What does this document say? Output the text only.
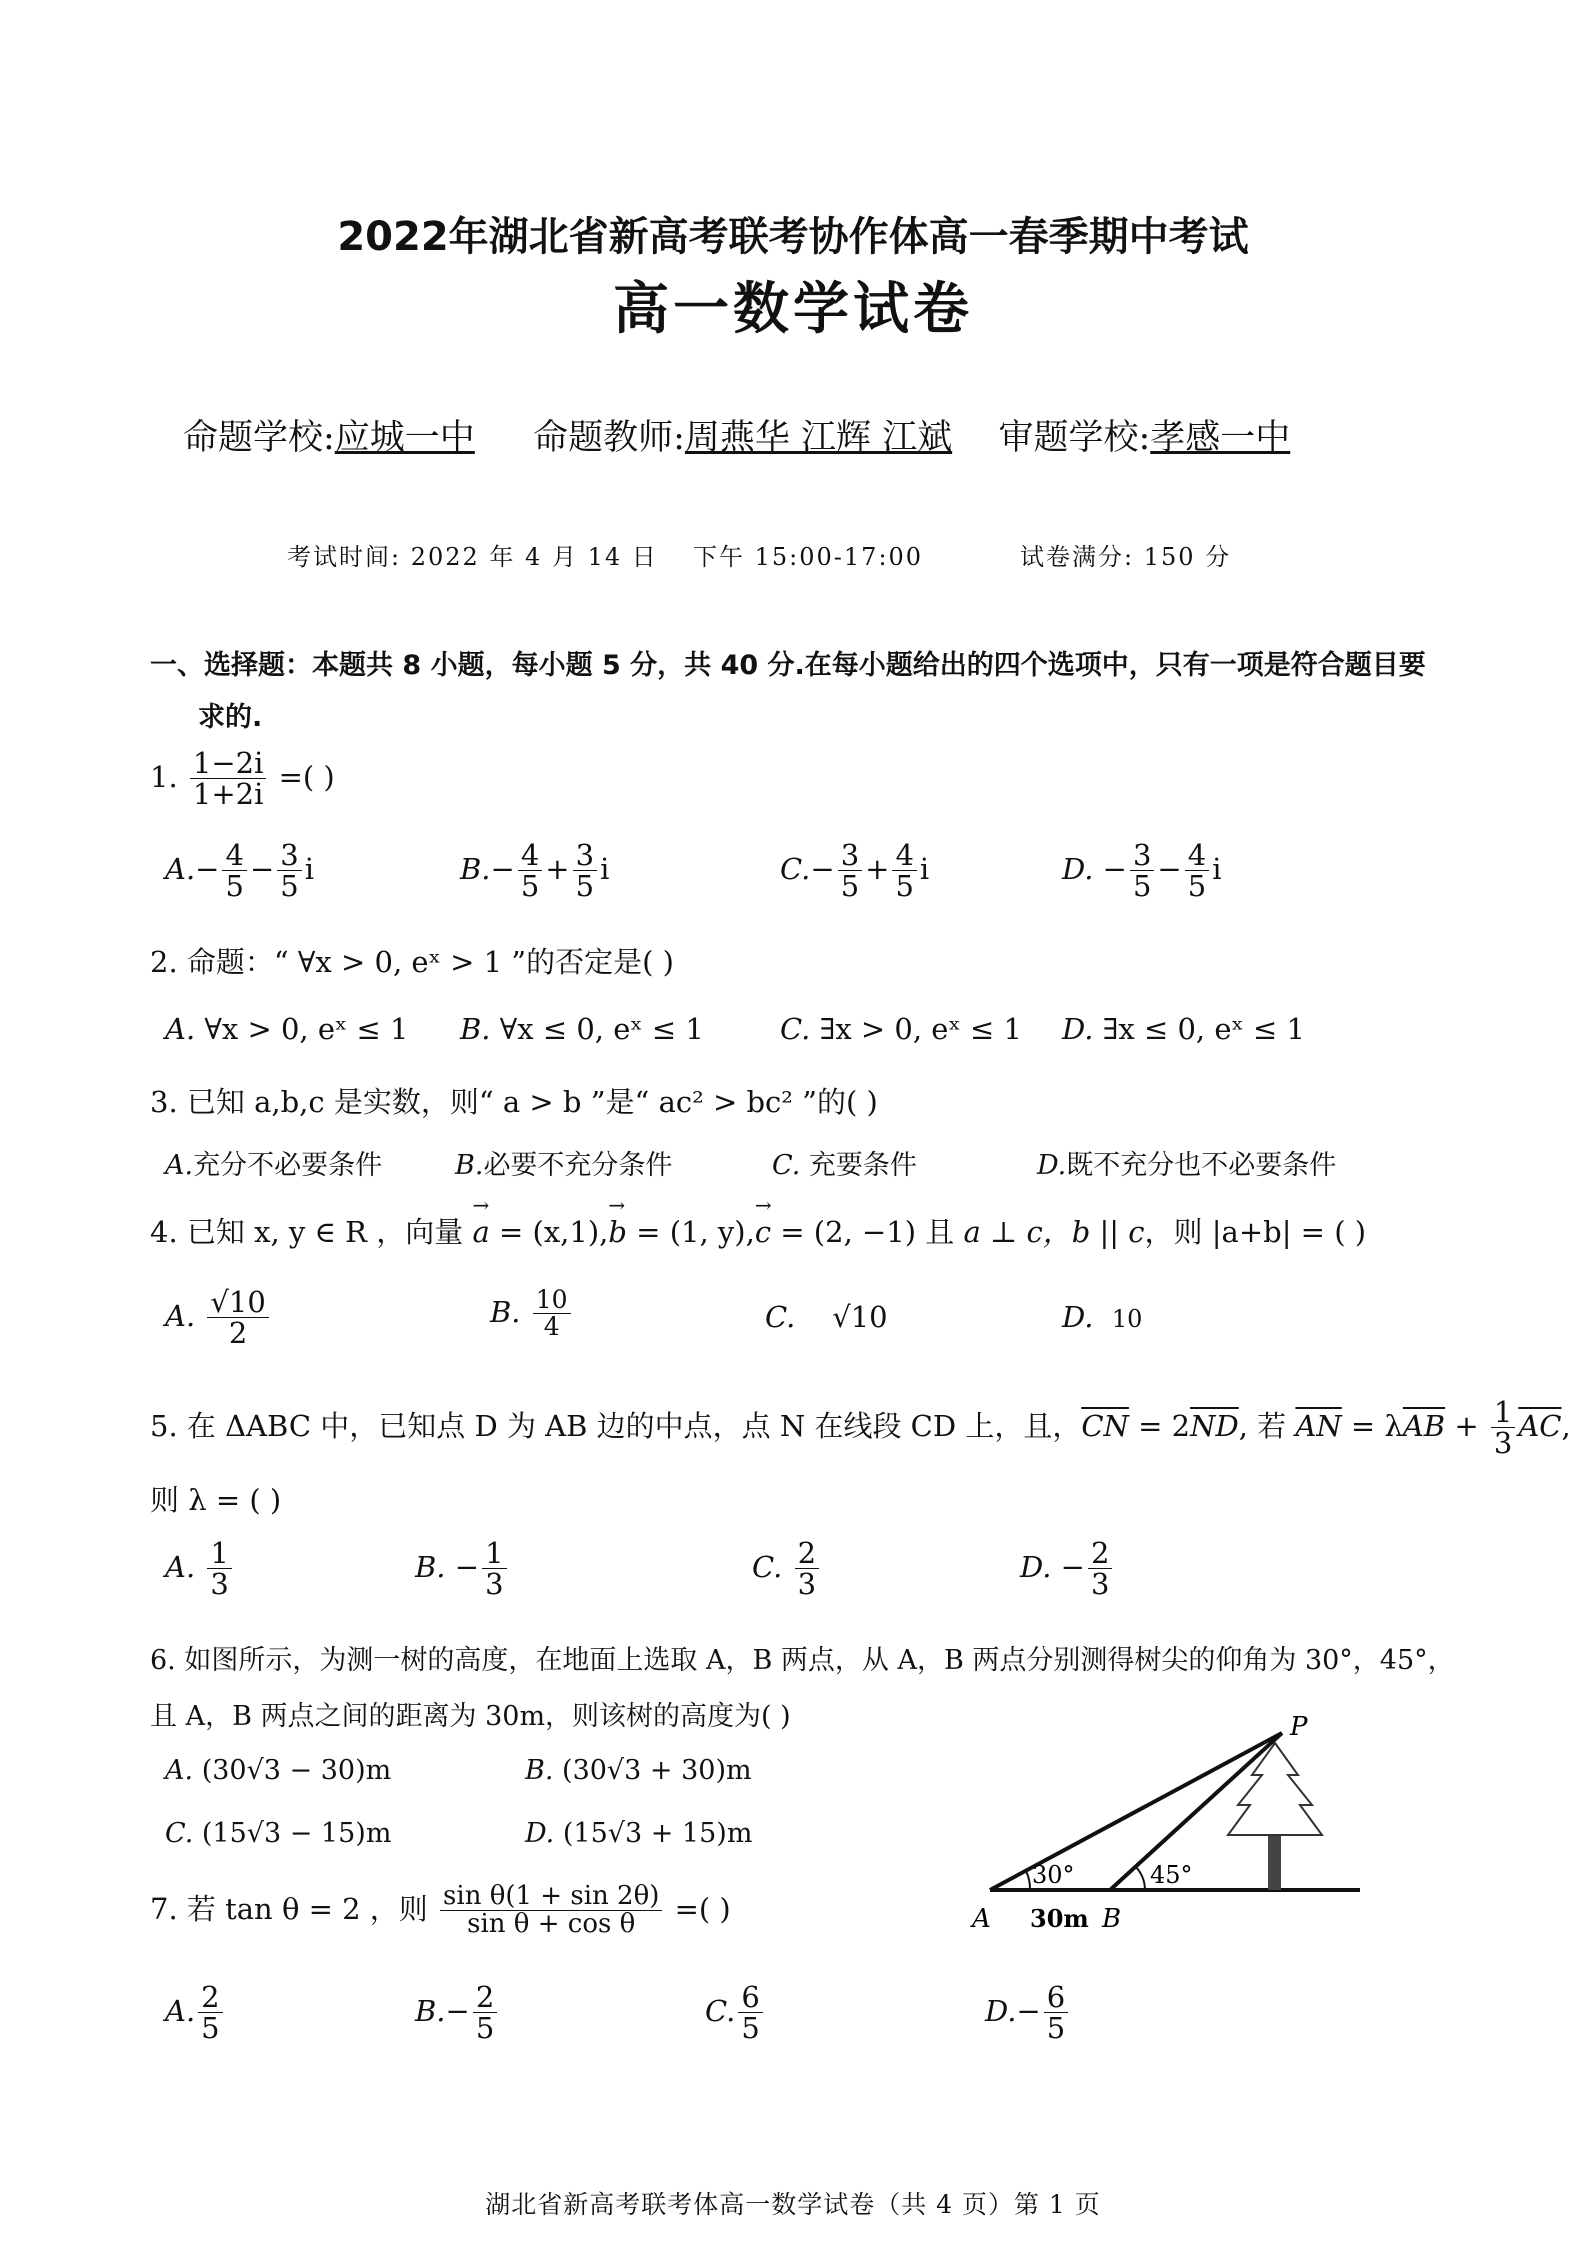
2022年湖北省新高考联考协作体高一春季期中考试
高一数学试卷
命题学校:应城一中 命题教师:周燕华 江辉 江斌 审题学校:孝感一中
考试时间: 2022 年 4 月 14 日 下午 15:00-17:00	试卷满分: 150 分
一、选择题：本题共 8 小题，每小题 5 分，共 40 分.在每小题给出的四个选项中，只有一项是符合题目要
求的.
1. $\frac{1-2i}{1+2i}$ =( )
$A.- \frac{4}{5} - \frac{3}{5}$ i	$B.- \frac{4}{5} + \frac{3}{5}$ i	$C.- \frac{3}{5} + \frac{4}{5}$ i	D. − $\frac{3}{5} - \frac{4}{5}$ i
2. 命题：“ ∀x > 0, eˣ > 1 ”的否定是( )
A. ∀x > 0, eˣ ≤ 1 B. ∀x ≤ 0, eˣ ≤ 1	C. ∃x > 0, eˣ ≤ 1 D. ∃x ≤ 0, eˣ ≤ 1
3. 已知 a,b,c 是实数，则“ a > b ”是“ ac² > bc² ”的( )
A.充分不必要条件	B.必要不充分条件	C. 充要条件	D.既不充分也不必要条件
4. 已知 x, y ∈ R ，向量 → a = (x,1),→ b = (1, y),→ c = (2, −1) 且 a ⊥ c，b || c，则 |a+b| = ( )
A. $\frac{√10}{2}$	B. $\frac{10}{4}$	C. √10	D. 10
5. 在 ΔABC 中，已知点 D 为 AB 边的中点，点 N 在线段 CD 上，且，$\overline{CN} = 2\overline{ND}$, 若 $\overline{AN} = \lambda\overline{AB} + \frac{1}{3} \overline{AC}$,
则 λ = ( )
A. $\frac{1}{3}$	B. − $\frac{1}{3}$	C. $\frac{2}{3}$	D. − $\frac{2}{3}$
6. 如图所示，为测一树的高度，在地面上选取 A，B 两点，从 A，B 两点分别测得树尖的仰角为 30°，45°，
且 A，B 两点之间的距离为 30m，则该树的高度为( )
A. (30√3 − 30)m	B. (30√3 + 30)m
C. (15√3 − 15)m	D. (15√3 + 15)m
P
A	B
30°	45°
30m
7. 若 tan θ = 2 ，则 $\frac{\text{sin θ(1 + sin 2θ)}}{\text{sin θ + cos θ}}$ =( )
A. $\frac{2}{5}$	$B.- \frac{2}{5}$	C. $\frac{6}{5}$	$D.- \frac{6}{5}$
湖北省新高考联考体高一数学试卷（共 4 页）第 1 页
